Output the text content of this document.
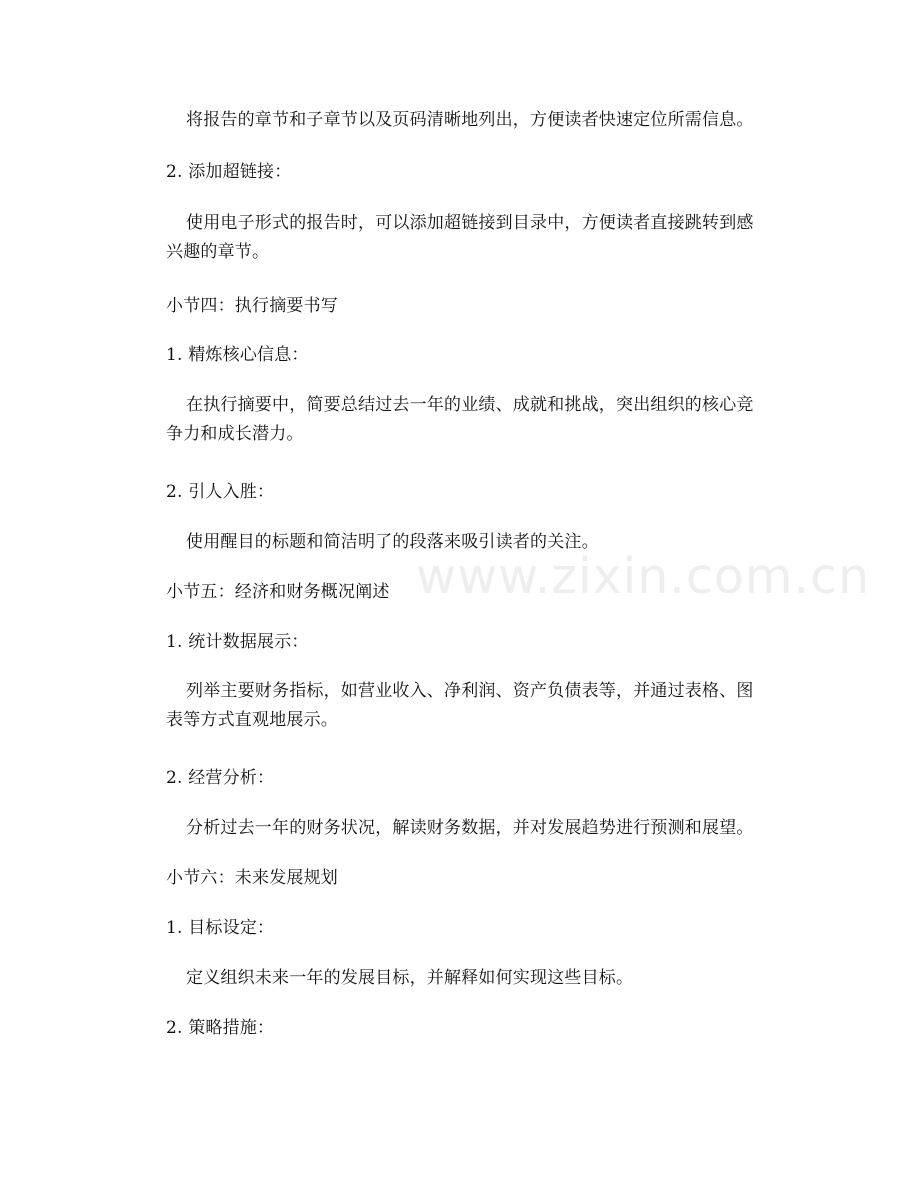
将报告的章节和子章节以及页码清晰地列出，方便读者快速定位所需信息。
2. 添加超链接：
使用电子形式的报告时，可以添加超链接到目录中，方便读者直接跳转到感兴趣的章节。
小节四：执行摘要书写
1. 精炼核心信息：
在执行摘要中，简要总结过去一年的业绩、成就和挑战，突出组织的核心竞争力和成长潜力。
2. 引人入胜：
使用醒目的标题和简洁明了的段落来吸引读者的关注。
小节五：经济和财务概况阐述
1. 统计数据展示：
列举主要财务指标，如营业收入、净利润、资产负债表等，并通过表格、图表等方式直观地展示。
2. 经营分析：
分析过去一年的财务状况，解读财务数据，并对发展趋势进行预测和展望。
小节六：未来发展规划
1. 目标设定：
定义组织未来一年的发展目标，并解释如何实现这些目标。
2. 策略措施：
www.zixin.com.cn
